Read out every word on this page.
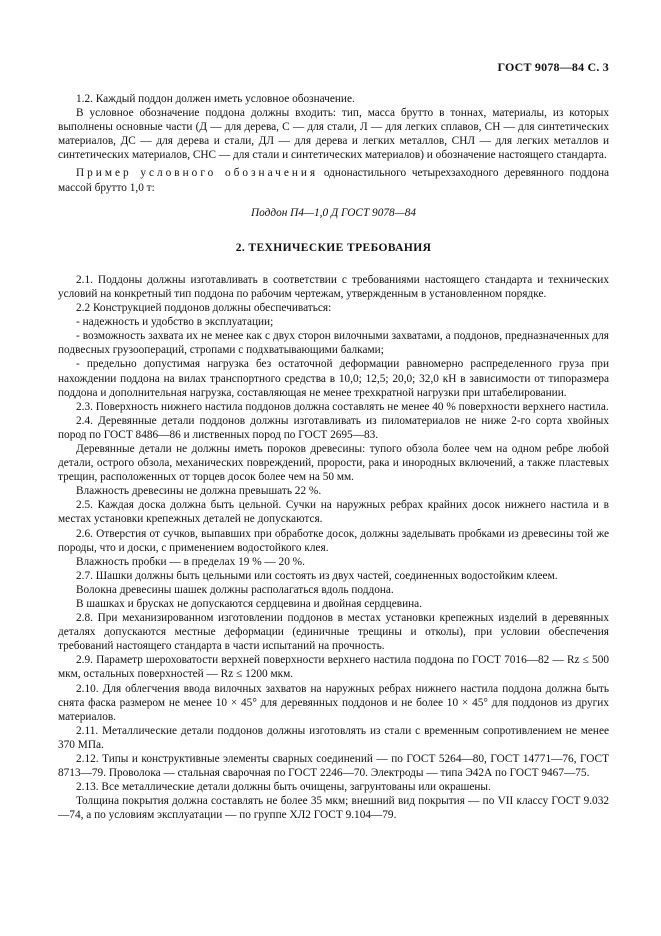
ГОСТ 9078—84 С. 3

1.2. Каждый поддон должен иметь условное обозначение.

В условное обозначение поддона должны входить: тип, масса брутто в тоннах, материалы, из которых выполнены основные части (Д — для дерева, С — для стали, Л — для легких сплавов, СН — для синтетических материалов, ДС — для дерева и стали, ДЛ — для дерева и легких металлов, СНЛ — для легких металлов и синтетических материалов, СНС — для стали и синтетических материалов) и обозначение настоящего стандарта.

Пример условного обозначения однонастильного четырехзаходного деревянного поддона массой брутто 1,0 т:

Поддон П4—1,0 Д ГОСТ 9078—84

2. ТЕХНИЧЕСКИЕ ТРЕБОВАНИЯ

2.1. Поддоны должны изготавливать в соответствии с требованиями настоящего стандарта и технических условий на конкретный тип поддона по рабочим чертежам, утвержденным в установленном порядке.

2.2 Конструкцией поддонов должны обеспечиваться:

- надежность и удобство в эксплуатации;

- возможность захвата их не менее как с двух сторон вилочными захватами, а поддонов, предназначенных для подвесных грузоопераций, стропами с подхватывающими балками;

- предельно допустимая нагрузка без остаточной деформации равномерно распределенного груза при нахождении поддона на вилах транспортного средства в 10,0; 12,5; 20,0; 32,0 кН в зависимости от типоразмера поддона и дополнительная нагрузка, составляющая не менее трехкратной нагрузки при штабелировании.

2.3. Поверхность нижнего настила поддонов должна составлять не менее 40 % поверхности верхнего настила.

2.4. Деревянные детали поддонов должны изготавливать из пиломатериалов не ниже 2-го сорта хвойных пород по ГОСТ 8486—86 и лиственных пород по ГОСТ 2695—83.

Деревянные детали не должны иметь пороков древесины: тупого обзола более чем на одном ребре любой детали, острого обзола, механических повреждений, прорости, рака и инородных включений, а также пластевых трещин, расположенных от торцев досок более чем на 50 мм.

Влажность древесины не должна превышать 22 %.

2.5. Каждая доска должна быть цельной. Сучки на наружных ребрах крайних досок нижнего настила и в местах установки крепежных деталей не допускаются.

2.6. Отверстия от сучков, выпавших при обработке досок, должны заделывать пробками из древесины той же породы, что и доски, с применением водостойкого клея.

Влажность пробки — в пределах 19 % — 20 %.

2.7. Шашки должны быть цельными или состоять из двух частей, соединенных водостойким клеем.

Волокна древесины шашек должны располагаться вдоль поддона.

В шашках и брусках не допускаются сердцевина и двойная сердцевина.

2.8. При механизированном изготовлении поддонов в местах установки крепежных изделий в деревянных деталях допускаются местные деформации (единичные трещины и отколы), при условии обеспечения требований настоящего стандарта в части испытаний на прочность.

2.9. Параметр шероховатости верхней поверхности верхнего настила поддона по ГОСТ 7016—82 — Rz ≤ 500 мкм, остальных поверхностей — Rz ≤ 1200 мкм.

2.10. Для облегчения ввода вилочных захватов на наружных ребрах нижнего настила поддона должна быть снята фаска размером не менее 10 × 45° для деревянных поддонов и не более 10 × 45° для поддонов из других материалов.

2.11. Металлические детали поддонов должны изготовлять из стали с временным сопротивлением не менее 370 МПа.

2.12. Типы и конструктивные элементы сварных соединений — по ГОСТ 5264—80, ГОСТ 14771—76, ГОСТ 8713—79. Проволока — стальная сварочная по ГОСТ 2246—70. Электроды — типа Э42А по ГОСТ 9467—75.

2.13. Все металлические детали должны быть очищены, загрунтованы или окрашены.

Толщина покрытия должна составлять не более 35 мкм; внешний вид покрытия — по VII классу ГОСТ 9.032—74, а по условиям эксплуатации — по группе ХЛ2 ГОСТ 9.104—79.
